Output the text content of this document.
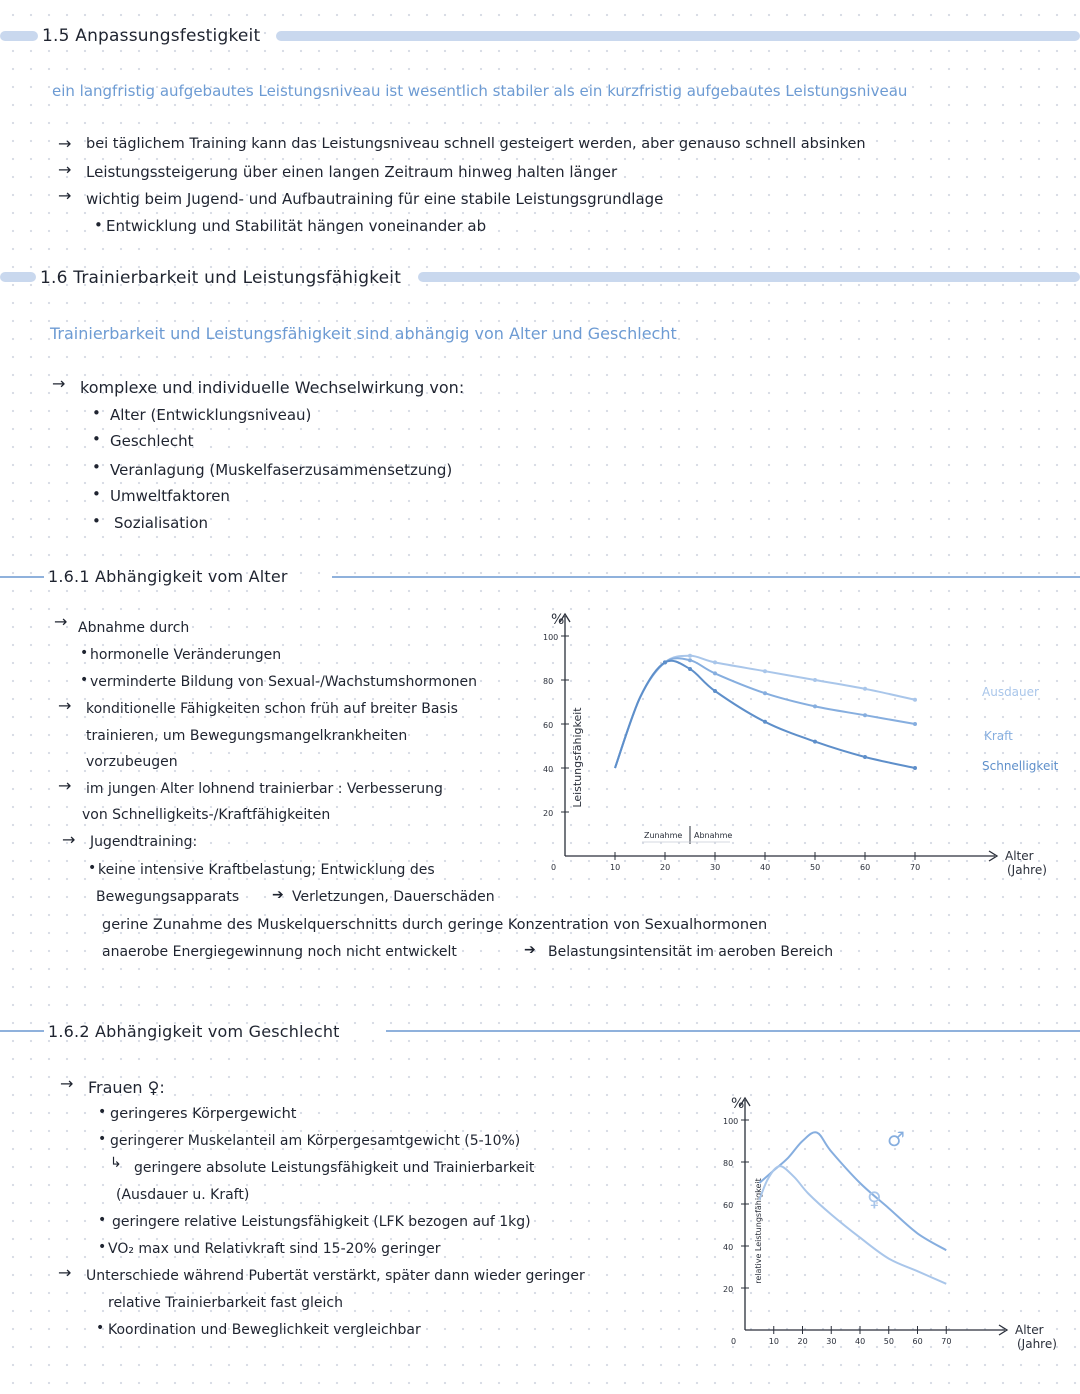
1.5 Anpassungsfestigkeit
ein langfristig aufgebautes Leistungsniveau ist wesentlich stabiler als ein kurzfristig aufgebautes Leistungsniveau
→ bei täglichem Training kann das Leistungsniveau schnell gesteigert werden, aber genauso schnell absinken
→ Leistungssteigerung über einen langen Zeitraum hinweg halten länger
→ wichtig beim Jugend- und Aufbautraining für eine stabile Leistungsgrundlage
• Entwicklung und Stabilität hängen voneinander ab
1.6 Trainierbarkeit und Leistungsfähigkeit
Trainierbarkeit und Leistungsfähigkeit sind abhängig von Alter und Geschlecht
→ komplexe und individuelle Wechselwirkung von:
• Alter (Entwicklungsniveau)
• Geschlecht
• Veranlagung (Muskelfaserzusammensetzung)
• Umweltfaktoren
• Sozialisation
1.6.1 Abhängigkeit vom Alter
→ Abnahme durch
• hormonelle Veränderungen
• verminderte Bildung von Sexual-/Wachstumshormonen
→ konditionelle Fähigkeiten schon früh auf breiter Basis
trainieren, um Bewegungsmangelkrankheiten
vorzubeugen
→ im jungen Alter lohnend trainierbar : Verbesserung
von Schnelligkeits-/Kraftfähigkeiten
→ Jugendtraining:
• keine intensive Kraftbelastung; Entwicklung des
Bewegungsapparats ➔ Verletzungen, Dauerschäden
gerine Zunahme des Muskelquerschnitts durch geringe Konzentration von Sexualhormonen
anaerobe Energiegewinnung noch nicht entwickelt	➔ Belastungsintensität im aeroben Bereich
%
0
20
40
60
80
100
10	20	30	40	50	60	70
Leistungsfähigkeit
Alter
(Jahre)
Ausdauer
Kraft
Schnelligkeit
Zunahme Abnahme
1.6.2 Abhängigkeit vom Geschlecht
→ Frauen ♀:
• geringeres Körpergewicht
• geringerer Muskelanteil am Körpergesamtgewicht (5-10%)
↳ geringere absolute Leistungsfähigkeit und Trainierbarkeit
(Ausdauer u. Kraft)
• geringere relative Leistungsfähigkeit (LFK bezogen auf 1kg)
• VO₂ max und Relativkraft sind 15-20% geringer
→ Unterschiede während Pubertät verstärkt, später dann wieder geringer
relative Trainierbarkeit fast gleich
• Koordination und Beweglichkeit vergleichbar
%
0
20
40
60
80
100
10 20 30 40 50 60 70
relative Leistungsfähigkeit
Alter
(Jahre)
♂
♀
